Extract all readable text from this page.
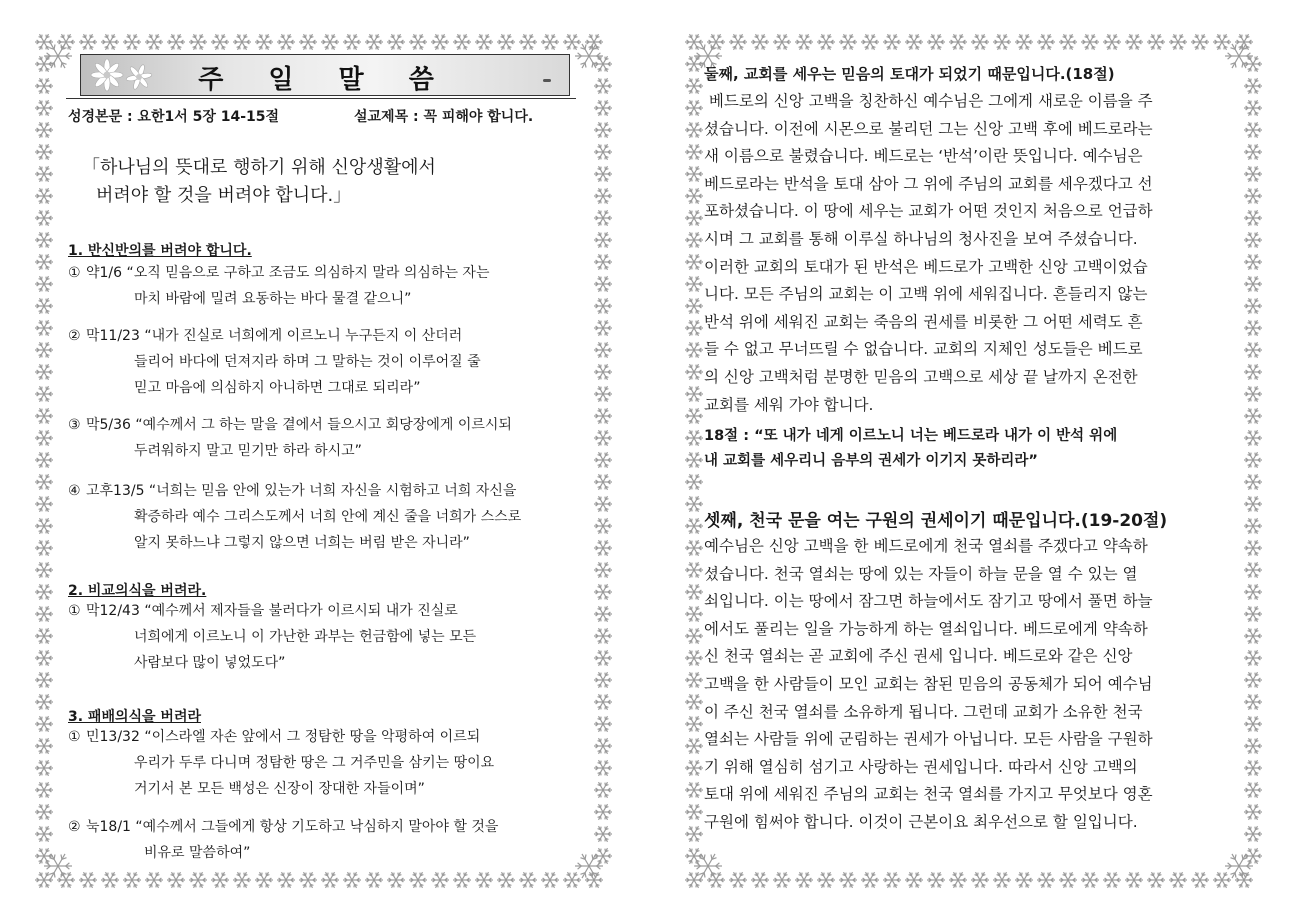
주 일 말 씀
성경본문 : 요한1서 5장 14-15절	설교제목 : 꼭 피해야 합니다.
「하나님의 뜻대로 행하기 위해 신앙생활에서
버려야 할 것을 버려야 합니다.」
1. 반신반의를 버려야 합니다.
① 약1/6 “오직 믿음으로 구하고 조금도 의심하지 말라 의심하는 자는
마치 바람에 밀려 요동하는 바다 물결 같으니”
② 막11/23 “내가 진실로 너희에게 이르노니 누구든지 이 산더러
들리어 바다에 던져지라 하며 그 말하는 것이 이루어질 줄
믿고 마음에 의심하지 아니하면 그대로 되리라”
③ 막5/36 “예수께서 그 하는 말을 곁에서 들으시고 회당장에게 이르시되
두려워하지 말고 믿기만 하라 하시고”
④ 고후13/5 “너희는 믿음 안에 있는가 너희 자신을 시험하고 너희 자신을
확증하라 예수 그리스도께서 너희 안에 계신 줄을 너희가 스스로
알지 못하느냐 그렇지 않으면 너희는 버림 받은 자니라”
2. 비교의식을 버려라.
① 막12/43 “예수께서 제자들을 불러다가 이르시되 내가 진실로
너희에게 이르노니 이 가난한 과부는 헌금함에 넣는 모든
사람보다 많이 넣었도다”
3. 패배의식을 버려라
① 민13/32 “이스라엘 자손 앞에서 그 정탐한 땅을 악평하여 이르되
우리가 두루 다니며 정탐한 땅은 그 거주민을 삼키는 땅이요
거기서 본 모든 백성은 신장이 장대한 자들이며”
② 눅18/1 “예수께서 그들에게 항상 기도하고 낙심하지 말아야 할 것을
비유로 말씀하여”
둘째, 교회를 세우는 믿음의 토대가 되었기 때문입니다.(18절)
베드로의 신앙 고백을 칭찬하신 예수님은 그에게 새로운 이름을 주
셨습니다. 이전에 시몬으로 불리던 그는 신앙 고백 후에 베드로라는
새 이름으로 불렸습니다. 베드로는 ‘반석’이란 뜻입니다. 예수님은
베드로라는 반석을 토대 삼아 그 위에 주님의 교회를 세우겠다고 선
포하셨습니다. 이 땅에 세우는 교회가 어떤 것인지 처음으로 언급하
시며 그 교회를 통해 이루실 하나님의 청사진을 보여 주셨습니다.
이러한 교회의 토대가 된 반석은 베드로가 고백한 신앙 고백이었습
니다. 모든 주님의 교회는 이 고백 위에 세워집니다. 흔들리지 않는
반석 위에 세워진 교회는 죽음의 권세를 비롯한 그 어떤 세력도 흔
들 수 없고 무너뜨릴 수 없습니다. 교회의 지체인 성도들은 베드로
의 신앙 고백처럼 분명한 믿음의 고백으로 세상 끝 날까지 온전한
교회를 세워 가야 합니다.
18절 : “또 내가 네게 이르노니 너는 베드로라 내가 이 반석 위에
내 교회를 세우리니 음부의 권세가 이기지 못하리라”
셋째, 천국 문을 여는 구원의 권세이기 때문입니다.(19-20절)
예수님은 신앙 고백을 한 베드로에게 천국 열쇠를 주겠다고 약속하
셨습니다. 천국 열쇠는 땅에 있는 자들이 하늘 문을 열 수 있는 열
쇠입니다. 이는 땅에서 잠그면 하늘에서도 잠기고 땅에서 풀면 하늘
에서도 풀리는 일을 가능하게 하는 열쇠입니다. 베드로에게 약속하
신 천국 열쇠는 곧 교회에 주신 권세 입니다. 베드로와 같은 신앙
고백을 한 사람들이 모인 교회는 참된 믿음의 공동체가 되어 예수님
이 주신 천국 열쇠를 소유하게 됩니다. 그런데 교회가 소유한 천국
열쇠는 사람들 위에 군림하는 권세가 아닙니다. 모든 사람을 구원하
기 위해 열심히 섬기고 사랑하는 권세입니다. 따라서 신앙 고백의
토대 위에 세워진 주님의 교회는 천국 열쇠를 가지고 무엇보다 영혼
구원에 힘써야 합니다. 이것이 근본이요 최우선으로 할 일입니다.
